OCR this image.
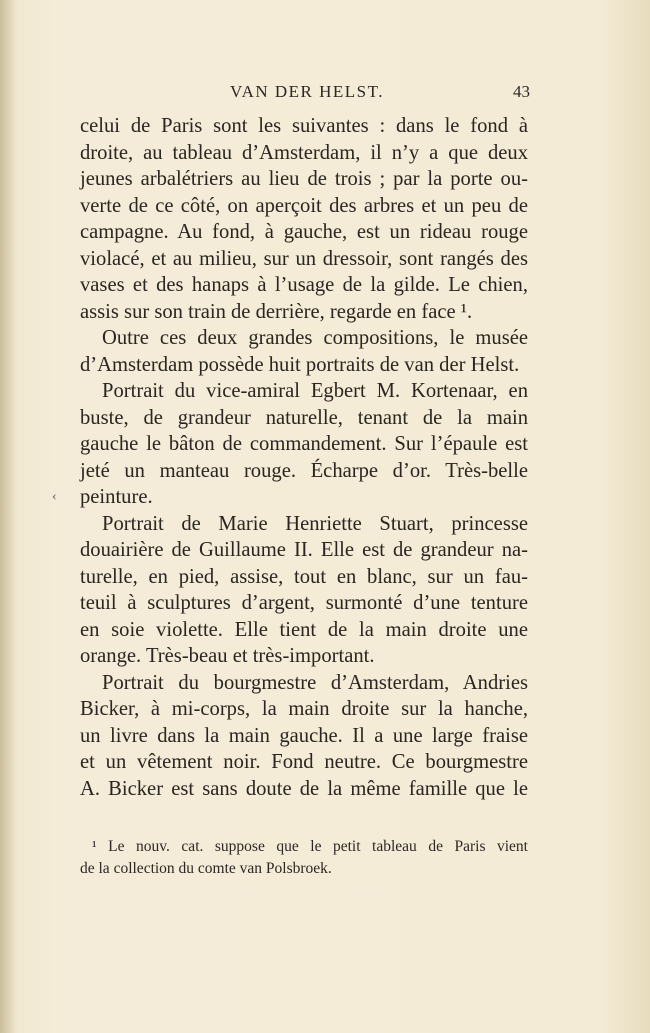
VAN DER HELST.	43
‹
celui de Paris sont les suivantes : dans le fond à
droite, au tableau d’Amsterdam, il n’y a que deux
jeunes arbalétriers au lieu de trois ; par la porte ou-
verte de ce côté, on aperçoit des arbres et un peu de
campagne. Au fond, à gauche, est un rideau rouge
violacé, et au milieu, sur un dressoir, sont rangés des
vases et des hanaps à l’usage de la gilde. Le chien,
assis sur son train de derrière, regarde en face ¹.
Outre ces deux grandes compositions, le musée
d’Amsterdam possède huit portraits de van der Helst.
Portrait du vice-amiral Egbert M. Kortenaar, en
buste, de grandeur naturelle, tenant de la main
gauche le bâton de commandement. Sur l’épaule est
jeté un manteau rouge. Écharpe d’or. Très-belle
peinture.
Portrait de Marie Henriette Stuart, princesse
douairière de Guillaume II. Elle est de grandeur na-
turelle, en pied, assise, tout en blanc, sur un fau-
teuil à sculptures d’argent, surmonté d’une tenture
en soie violette. Elle tient de la main droite une
orange. Très-beau et très-important.
Portrait du bourgmestre d’Amsterdam, Andries
Bicker, à mi-corps, la main droite sur la hanche,
un livre dans la main gauche. Il a une large fraise
et un vêtement noir. Fond neutre. Ce bourgmestre
A. Bicker est sans doute de la même famille que le
¹ Le nouv. cat. suppose que le petit tableau de Paris vient
de la collection du comte van Polsbroek.
